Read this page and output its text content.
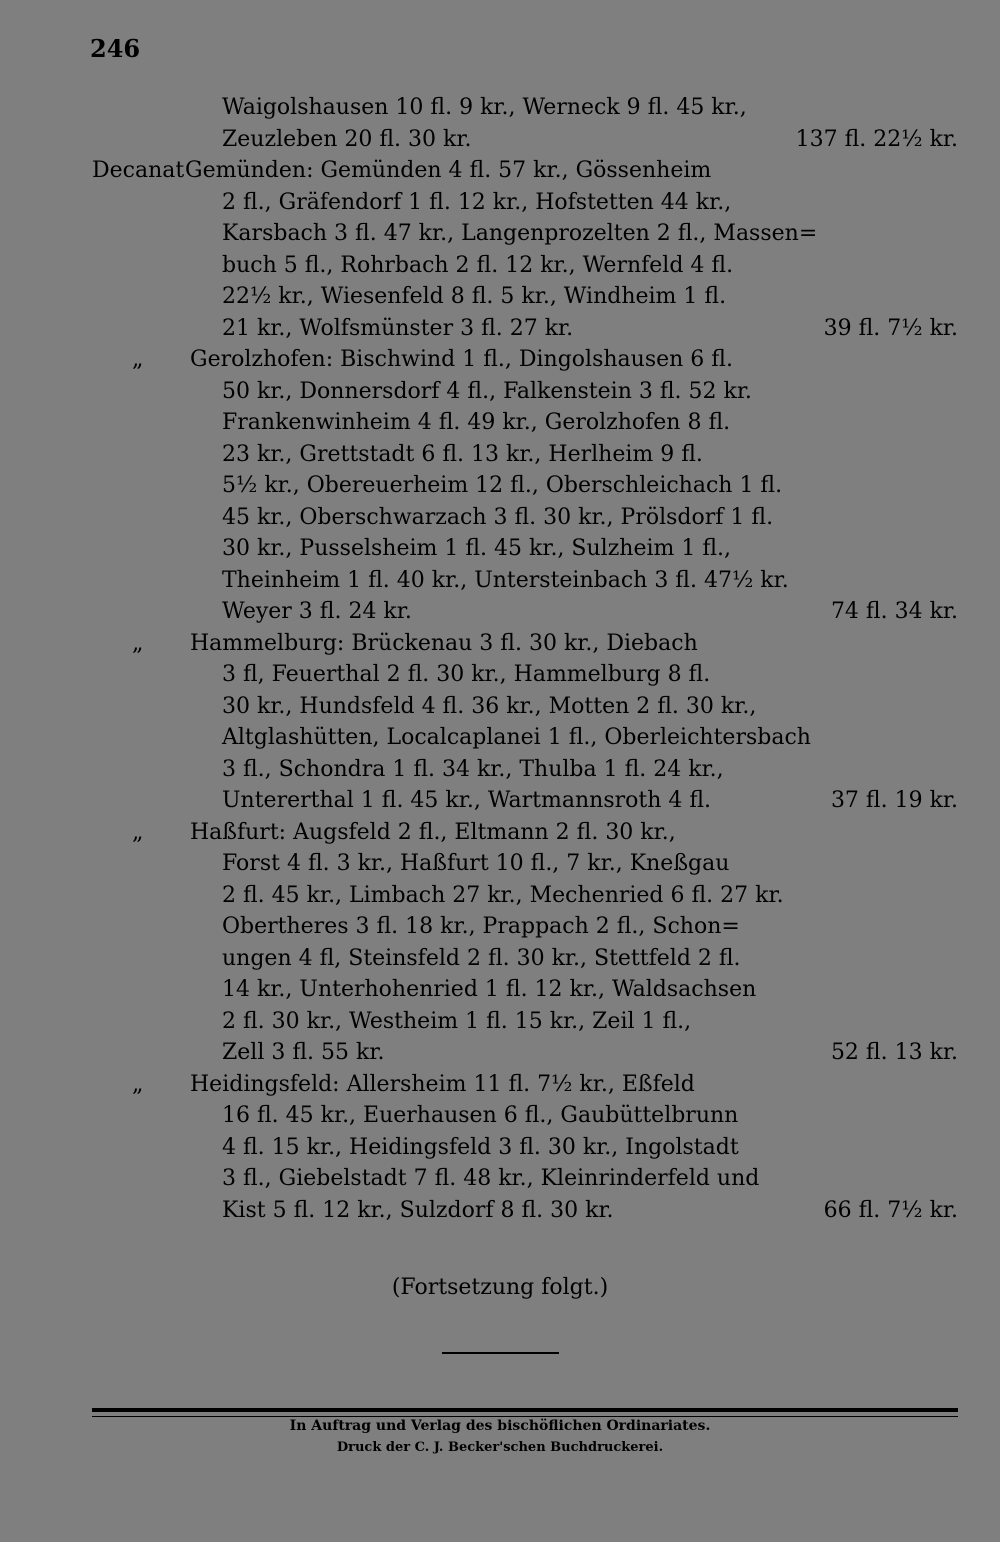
246
Waigolshausen 10 fl. 9 kr., Werneck 9 fl. 45 kr.,
Zeuzleben 20 fl. 30 kr.	137 fl. 22½ kr.
Decanat Gemünden: Gemünden 4 fl. 57 kr., Gössenheim
2 fl., Gräfendorf 1 fl. 12 kr., Hofstetten 44 kr.,
Karsbach 3 fl. 47 kr., Langenprozelten 2 fl., Massen=
buch 5 fl., Rohrbach 2 fl. 12 kr., Wernfeld 4 fl.
22½ kr., Wiesenfeld 8 fl. 5 kr., Windheim 1 fl.
21 kr., Wolfsmünster 3 fl. 27 kr.	39 fl. 7½ kr.
„ Gerolzhofen: Bischwind 1 fl., Dingolshausen 6 fl.
50 kr., Donnersdorf 4 fl., Falkenstein 3 fl. 52 kr.
Frankenwinheim 4 fl. 49 kr., Gerolzhofen 8 fl.
23 kr., Grettstadt 6 fl. 13 kr., Herlheim 9 fl.
5½ kr., Obereuerheim 12 fl., Oberschleichach 1 fl.
45 kr., Oberschwarzach 3 fl. 30 kr., Prölsdorf 1 fl.
30 kr., Pusselsheim 1 fl. 45 kr., Sulzheim 1 fl.,
Theinheim 1 fl. 40 kr., Untersteinbach 3 fl. 47½ kr.
Weyer 3 fl. 24 kr.	74 fl. 34 kr.
„ Hammelburg: Brückenau 3 fl. 30 kr., Diebach
3 fl, Feuerthal 2 fl. 30 kr., Hammelburg 8 fl.
30 kr., Hundsfeld 4 fl. 36 kr., Motten 2 fl. 30 kr.,
Altglashütten, Localcaplanei 1 fl., Oberleichtersbach
3 fl., Schondra 1 fl. 34 kr., Thulba 1 fl. 24 kr.,
Untererthal 1 fl. 45 kr., Wartmannsroth 4 fl.	37 fl. 19 kr.
„ Haßfurt: Augsfeld 2 fl., Eltmann 2 fl. 30 kr.,
Forst 4 fl. 3 kr., Haßfurt 10 fl., 7 kr., Kneßgau
2 fl. 45 kr., Limbach 27 kr., Mechenried 6 fl. 27 kr.
Obertheres 3 fl. 18 kr., Prappach 2 fl., Schon=
ungen 4 fl, Steinsfeld 2 fl. 30 kr., Stettfeld 2 fl.
14 kr., Unterhohenried 1 fl. 12 kr., Waldsachsen
2 fl. 30 kr., Westheim 1 fl. 15 kr., Zeil 1 fl.,
Zell 3 fl. 55 kr.	52 fl. 13 kr.
„ Heidingsfeld: Allersheim 11 fl. 7½ kr., Eßfeld
16 fl. 45 kr., Euerhausen 6 fl., Gaubüttelbrunn
4 fl. 15 kr., Heidingsfeld 3 fl. 30 kr., Ingolstadt
3 fl., Giebelstadt 7 fl. 48 kr., Kleinrinderfeld und
Kist 5 fl. 12 kr., Sulzdorf 8 fl. 30 kr.	66 fl. 7½ kr.
(Fortsetzung folgt.)
In Auftrag und Verlag des bischöflichen Ordinariates.
Druck der C. J. Becker'schen Buchdruckerei.
